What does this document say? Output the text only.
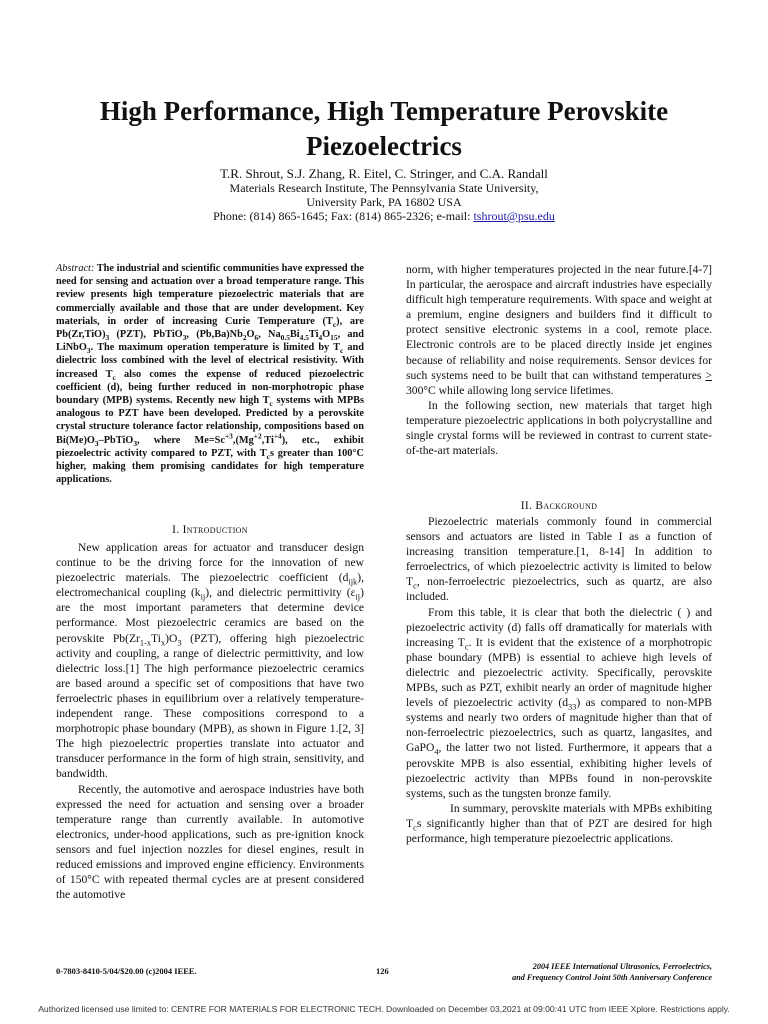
High Performance, High Temperature Perovskite
Piezoelectrics
T.R. Shrout, S.J. Zhang, R. Eitel, C. Stringer, and C.A. Randall
Materials Research Institute, The Pennsylvania State University,
University Park, PA 16802 USA
Phone: (814) 865-1645; Fax: (814) 865-2326; e-mail: tshrout@psu.edu
Abstract: The industrial and scientific communities have expressed the need for sensing and actuation over a broad temperature range. This review presents high temperature piezoelectric materials that are commercially available and those that are under development. Key materials, in order of increasing Curie Temperature $(T_c)$, are $Pb(Zr,TiO)_3$ (PZT), PbTiO$_3$, $(Pb,Ba)Nb_2O_6$, $Na_{0.5}Bi_{4.5}Ti_4O_{15}$, and LiNbO$_3$. The maximum operation temperature is limited by $T_c$ and dielectric loss combined with the level of electrical resistivity. With increased $T_c$ also comes the expense of reduced piezoelectric coefficient (d), being further reduced in non-morphotropic phase boundary (MPB) systems. Recently new high $T_c$ systems with MPBs analogous to PZT have been developed. Predicted by a perovskite crystal structure tolerance factor relationship, compositions based on $Bi(Me)O_3-PbTiO_3$, where $Me=Sc^{+3},(Mg^{+2},Ti^{+4})$, etc., exhibit piezoelectric activity compared to PZT, with $T_cs$ greater than 100°C higher, making them promising candidates for high temperature applications.
I. Introduction

New application areas for actuator and transducer design continue to be the driving force for the innovation of new piezoelectric materials. The piezoelectric coefficient $(d_{ijk})$, electromechanical coupling $(k_{ij})$, and dielectric permittivity $(\varepsilon_{ij})$ are the most important parameters that determine device performance. Most piezoelectric ceramics are based on the perovskite $Pb(Zr_{1-x}Ti_x)O_3$ (PZT), offering high piezoelectric activity and coupling, a range of dielectric permittivity, and low dielectric loss.[1] The high performance piezoelectric ceramics are based around a specific set of compositions that have two ferroelectric phases in equilibrium over a relatively temperature-independent range. These compositions correspond to a morphotropic phase boundary (MPB), as shown in Figure 1.[2, 3] The high piezoelectric properties translate into actuator and transducer performance in the form of high strain, sensitivity, and bandwidth.

Recently, the automotive and aerospace industries have both expressed the need for actuation and sensing over a broader temperature range than currently available. In automotive electronics, under-hood applications, such as pre-ignition knock sensors and fuel injection nozzles for diesel engines, result in reduced emissions and improved engine efficiency. Environments of 150°C with repeated thermal cycles are at present considered the automotive

norm, with higher temperatures projected in the near future.[4-7] In particular, the aerospace and aircraft industries have especially difficult high temperature requirements. With space and weight at a premium, engine designers and builders find it difficult to protect sensitive electronic systems in a cool, remote place. Electronic controls are to be placed directly inside jet engines because of reliability and noise requirements. Sensor devices for such systems need to be built that can withstand temperatures > 300°C while allowing long service lifetimes.

In the following section, new materials that target high temperature piezoelectric applications in both polycrystalline and single crystal forms will be reviewed in contrast to current state-of-the-art materials.

II. Background

Piezoelectric materials commonly found in commercial sensors and actuators are listed in Table I as a function of increasing transition temperature.[1, 8-14] In addition to ferroelectrics, of which piezoelectric activity is limited to below $T_c$, non-ferroelectric piezoelectrics, such as quartz, are also included.

From this table, it is clear that both the dielectric ( ) and piezoelectric activity (d) falls off dramatically for materials with increasing $T_c$. It is evident that the existence of a morphotropic phase boundary (MPB) is essential to achieve high levels of dielectric and piezoelectric activity. Specifically, perovskite MPBs, such as PZT, exhibit nearly an order of magnitude higher levels of piezoelectric activity $(d_{33})$ as compared to non-MPB systems and nearly two orders of magnitude higher than that of non-ferroelectric piezoelectrics, such as quartz, langasites, and GaPO$_4$, the latter two not listed. Furthermore, it appears that a perovskite MPB is also essential, exhibiting higher levels of piezoelectric activity than MPBs found in non-perovskite systems, such as the tungsten bronze family.

In summary, perovskite materials with MPBs exhibiting $T_cs$ significantly higher than that of PZT are desired for high performance, high temperature piezoelectric applications.

0-7803-8410-5/04/$20.00 (c)2004 IEEE.	126	2004 IEEE International Ultrasonics, Ferroelectrics,
and Frequency Control Joint 50th Anniversary Conference
Authorized licensed use limited to: CENTRE FOR MATERIALS FOR ELECTRONIC TECH. Downloaded on December 03,2021 at 09:00:41 UTC from IEEE Xplore. Restrictions apply.
